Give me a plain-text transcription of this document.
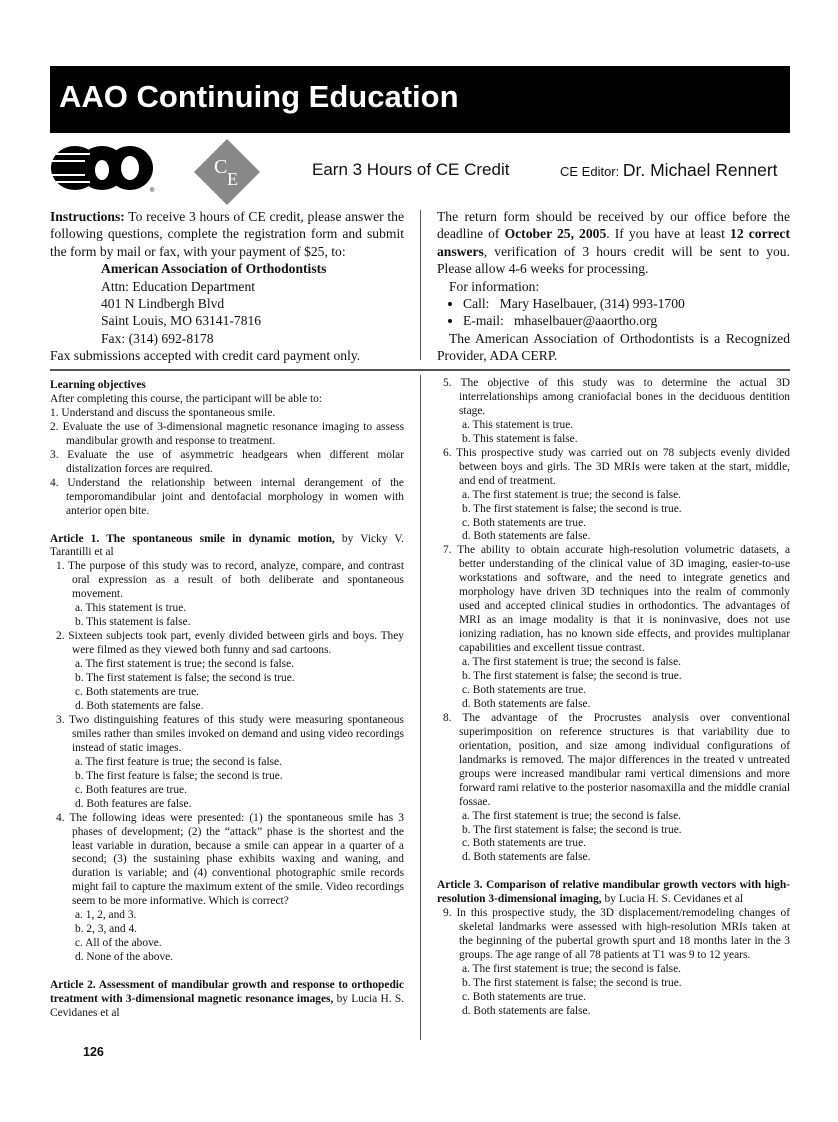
AAO Continuing Education
®
C
E	Earn 3 Hours of CE Credit	CE Editor: Dr. Michael Rennert
Instructions: To receive 3 hours of CE credit, please answer the following questions, complete the registration form and submit the form by mail or fax, with your payment of $25, to:
American Association of Orthodontists
Attn: Education Department
401 N Lindbergh Blvd
Saint Louis, MO 63141-7816
Fax: (314) 692-8178
Fax submissions accepted with credit card payment only.
The return form should be received by our office before the deadline of October 25, 2005. If you have at least 12 correct answers, verification of 3 hours credit will be sent to you. Please allow 4-6 weeks for processing.
For information:
• Call:   Mary Haselbauer, (314) 993-1700
• E-mail:   mhaselbauer@aaortho.org
The American Association of Orthodontists is a Recognized Provider, ADA CERP.
Learning objectives
After completing this course, the participant will be able to:
1. Understand and discuss the spontaneous smile.
2. Evaluate the use of 3-dimensional magnetic resonance imaging to assess mandibular growth and response to treatment.
3. Evaluate the use of asymmetric headgears when different molar distalization forces are required.
4. Understand the relationship between internal derangement of the temporomandibular joint and dentofacial morphology in women with anterior open bite.
Article 1. The spontaneous smile in dynamic motion, by Vicky V. Tarantilli et al
1. The purpose of this study was to record, analyze, compare, and contrast oral expression as a result of both deliberate and spontaneous movement.
a. This statement is true.
b. This statement is false.
2. Sixteen subjects took part, evenly divided between girls and boys. They were filmed as they viewed both funny and sad cartoons.
a. The first statement is true; the second is false.
b. The first statement is false; the second is true.
c. Both statements are true.
d. Both statements are false.
3. Two distinguishing features of this study were measuring spontaneous smiles rather than smiles invoked on demand and using video recordings instead of static images.
a. The first feature is true; the second is false.
b. The first feature is false; the second is true.
c. Both features are true.
d. Both features are false.
4. The following ideas were presented: (1) the spontaneous smile has 3 phases of development; (2) the “attack” phase is the shortest and the least variable in duration, because a smile can appear in a quarter of a second; (3) the sustaining phase exhibits waxing and waning, and duration is variable; and (4) conventional photographic smile records might fail to capture the maximum extent of the smile. Video recordings seem to be more informative. Which is correct?
a. 1, 2, and 3.
b. 2, 3, and 4.
c. All of the above.
d. None of the above.
Article 2. Assessment of mandibular growth and response to orthopedic treatment with 3-dimensional magnetic resonance images, by Lucia H. S. Cevidanes et al
5. The objective of this study was to determine the actual 3D interrelationships among craniofacial bones in the deciduous dentition stage.
a. This statement is true.
b. This statement is false.
6. This prospective study was carried out on 78 subjects evenly divided between boys and girls. The 3D MRIs were taken at the start, middle, and end of treatment.
a. The first statement is true; the second is false.
b. The first statement is false; the second is true.
c. Both statements are true.
d. Both statements are false.
7. The ability to obtain accurate high-resolution volumetric datasets, a better understanding of the clinical value of 3D imaging, easier-to-use workstations and software, and the need to integrate genetics and morphology have driven 3D techniques into the realm of commonly used and accepted clinical studies in orthodontics. The advantages of MRI as an image modality is that it is noninvasive, does not use ionizing radiation, has no known side effects, and provides multiplanar capabilities and excellent tissue contrast.
a. The first statement is true; the second is false.
b. The first statement is false; the second is true.
c. Both statements are true.
d. Both statements are false.
8. The advantage of the Procrustes analysis over conventional superimposition on reference structures is that variability due to orientation, position, and size among individual configurations of landmarks is removed. The major differences in the treated v untreated groups were increased mandibular rami vertical dimensions and more forward rami relative to the posterior nasomaxilla and the middle cranial fossae.
a. The first statement is true; the second is false.
b. The first statement is false; the second is true.
c. Both statements are true.
d. Both statements are false.
Article 3. Comparison of relative mandibular growth vectors with high-resolution 3-dimensional imaging, by Lucia H. S. Cevidanes et al
9. In this prospective study, the 3D displacement/remodeling changes of skeletal landmarks were assessed with high-resolution MRIs taken at the beginning of the pubertal growth spurt and 18 months later in the 3 groups. The age range of all 78 patients at T1 was 9 to 12 years.
a. The first statement is true; the second is false.
b. The first statement is false; the second is true.
c. Both statements are true.
d. Both statements are false.
126
